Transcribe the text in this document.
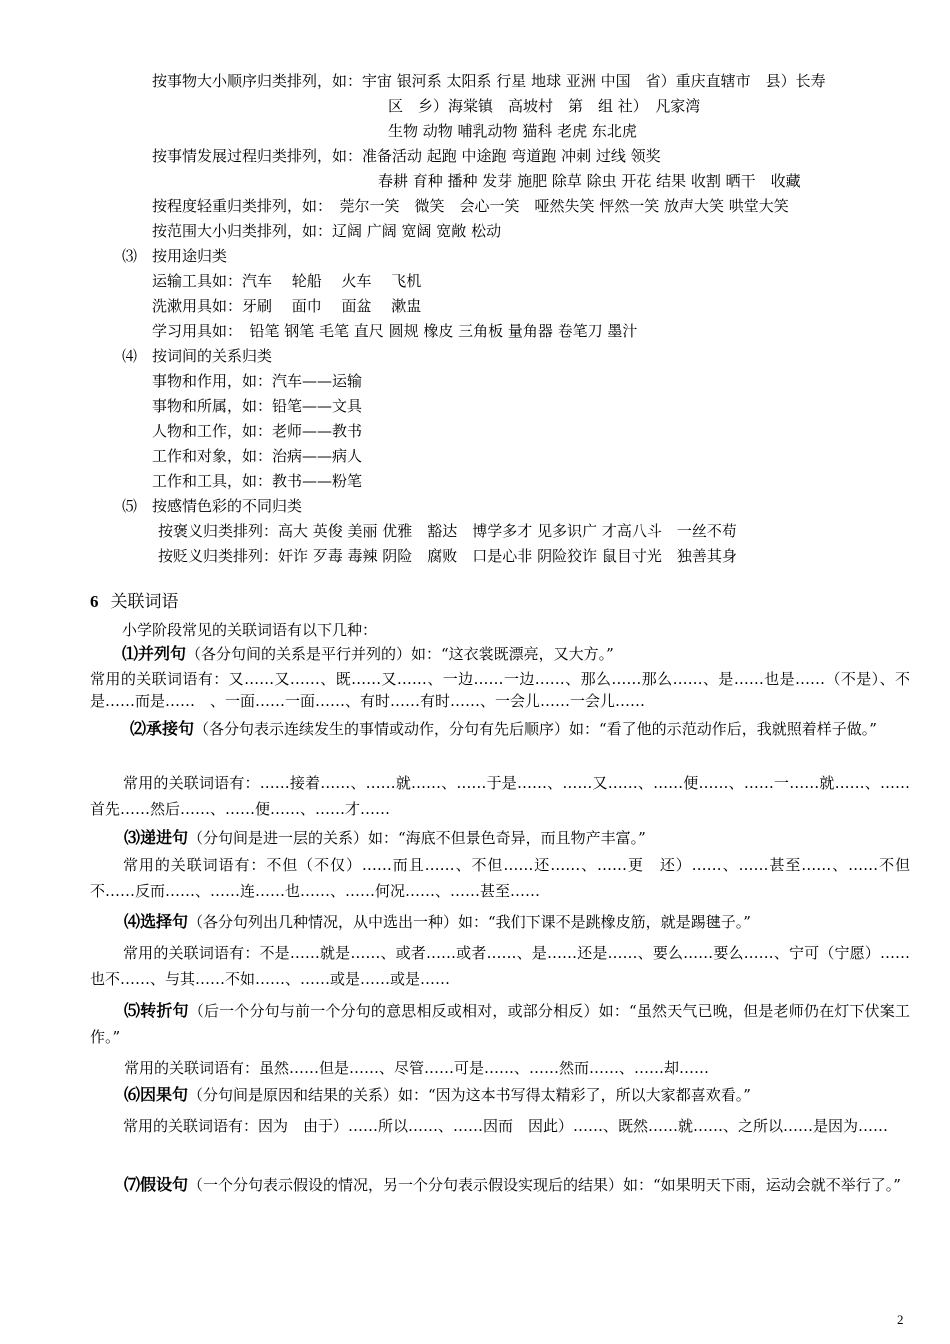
按事物大小顺序归类排列，如：宇宙 银河系 太阳系 行星 地球 亚洲 中国　省）重庆直辖市　县）长寿
区　乡）海棠镇　高坡村　第　组 社）　凡家湾
生物 动物 哺乳动物 猫科 老虎 东北虎
按事情发展过程归类排列，如：准备活动 起跑 中途跑 弯道跑 冲刺 过线 领奖
春耕 育种 播种 发芽 施肥 除草 除虫 开花 结果 收割 晒干　收藏
按程度轻重归类排列，如：　莞尔一笑　微笑　会心一笑　哑然失笑 怦然一笑 放声大笑 哄堂大笑
按范围大小归类排列，如：辽阔 广阔 宽阔 宽敞 松动
⑶　按用途归类
运输工具如：汽车　 轮船　 火车　 飞机
洗漱用具如：牙刷　 面巾　 面盆　 漱盅
学习用具如：　铅笔 钢笔 毛笔 直尺 圆规 橡皮 三角板 量角器 卷笔刀 墨汁
⑷　按词间的关系归类
事物和作用，如：汽车——运输
事物和所属，如：铅笔——文具
人物和工作，如：老师——教书
工作和对象，如：治病——病人
工作和工具，如：教书——粉笔
⑸　按感情色彩的不同归类
按褒义归类排列：高大 英俊 美丽 优雅　豁达　博学多才 见多识广 才高八斗　一丝不苟
按贬义归类排列：奸诈 歹毒 毒辣 阴险　腐败　口是心非 阴险狡诈 鼠目寸光　独善其身
6 关联词语
小学阶段常见的关联词语有以下几种：
⑴并列句（各分句间的关系是平行并列的）如：“这衣裳既漂亮，又大方。”
常用的关联词语有：又……又……、既……又……、一边……一边……、那么……那么……、是……也是……（不是）、不是……而是……　、一面……一面……、有时……有时……、一会儿……一会儿……
⑵承接句（各分句表示连续发生的事情或动作，分句有先后顺序）如：“看了他的示范动作后，我就照着样子做。”
常用的关联词语有：……接着……、……就……、……于是……、……又……、……便……、……一……就……、……首先……然后……、……便……、……才……
⑶递进句（分句间是进一层的关系）如：“海底不但景色奇异，而且物产丰富。”
常用的关联词语有：不但（不仅）……而且……、不但……还……、……更　还）……、……甚至……、……不但不……反而……、……连……也……、……何况……、……甚至……
⑷选择句（各分句列出几种情况，从中选出一种）如：“我们下课不是跳橡皮筋，就是踢毽子。”
常用的关联词语有：不是……就是……、或者……或者……、是……还是……、要么……要么……、宁可（宁愿）……也不……、与其……不如……、……或是……或是……
⑸转折句（后一个分句与前一个分句的意思相反或相对，或部分相反）如：“虽然天气已晚，但是老师仍在灯下伏案工作。”
常用的关联词语有：虽然……但是……、尽管……可是……、……然而……、……却……
⑹因果句（分句间是原因和结果的关系）如：“因为这本书写得太精彩了，所以大家都喜欢看。”
常用的关联词语有：因为　由于）……所以……、……因而　因此）……、既然……就……、之所以……是因为……
⑺假设句（一个分句表示假设的情况，另一个分句表示假设实现后的结果）如：“如果明天下雨，运动会就不举行了。”
2
